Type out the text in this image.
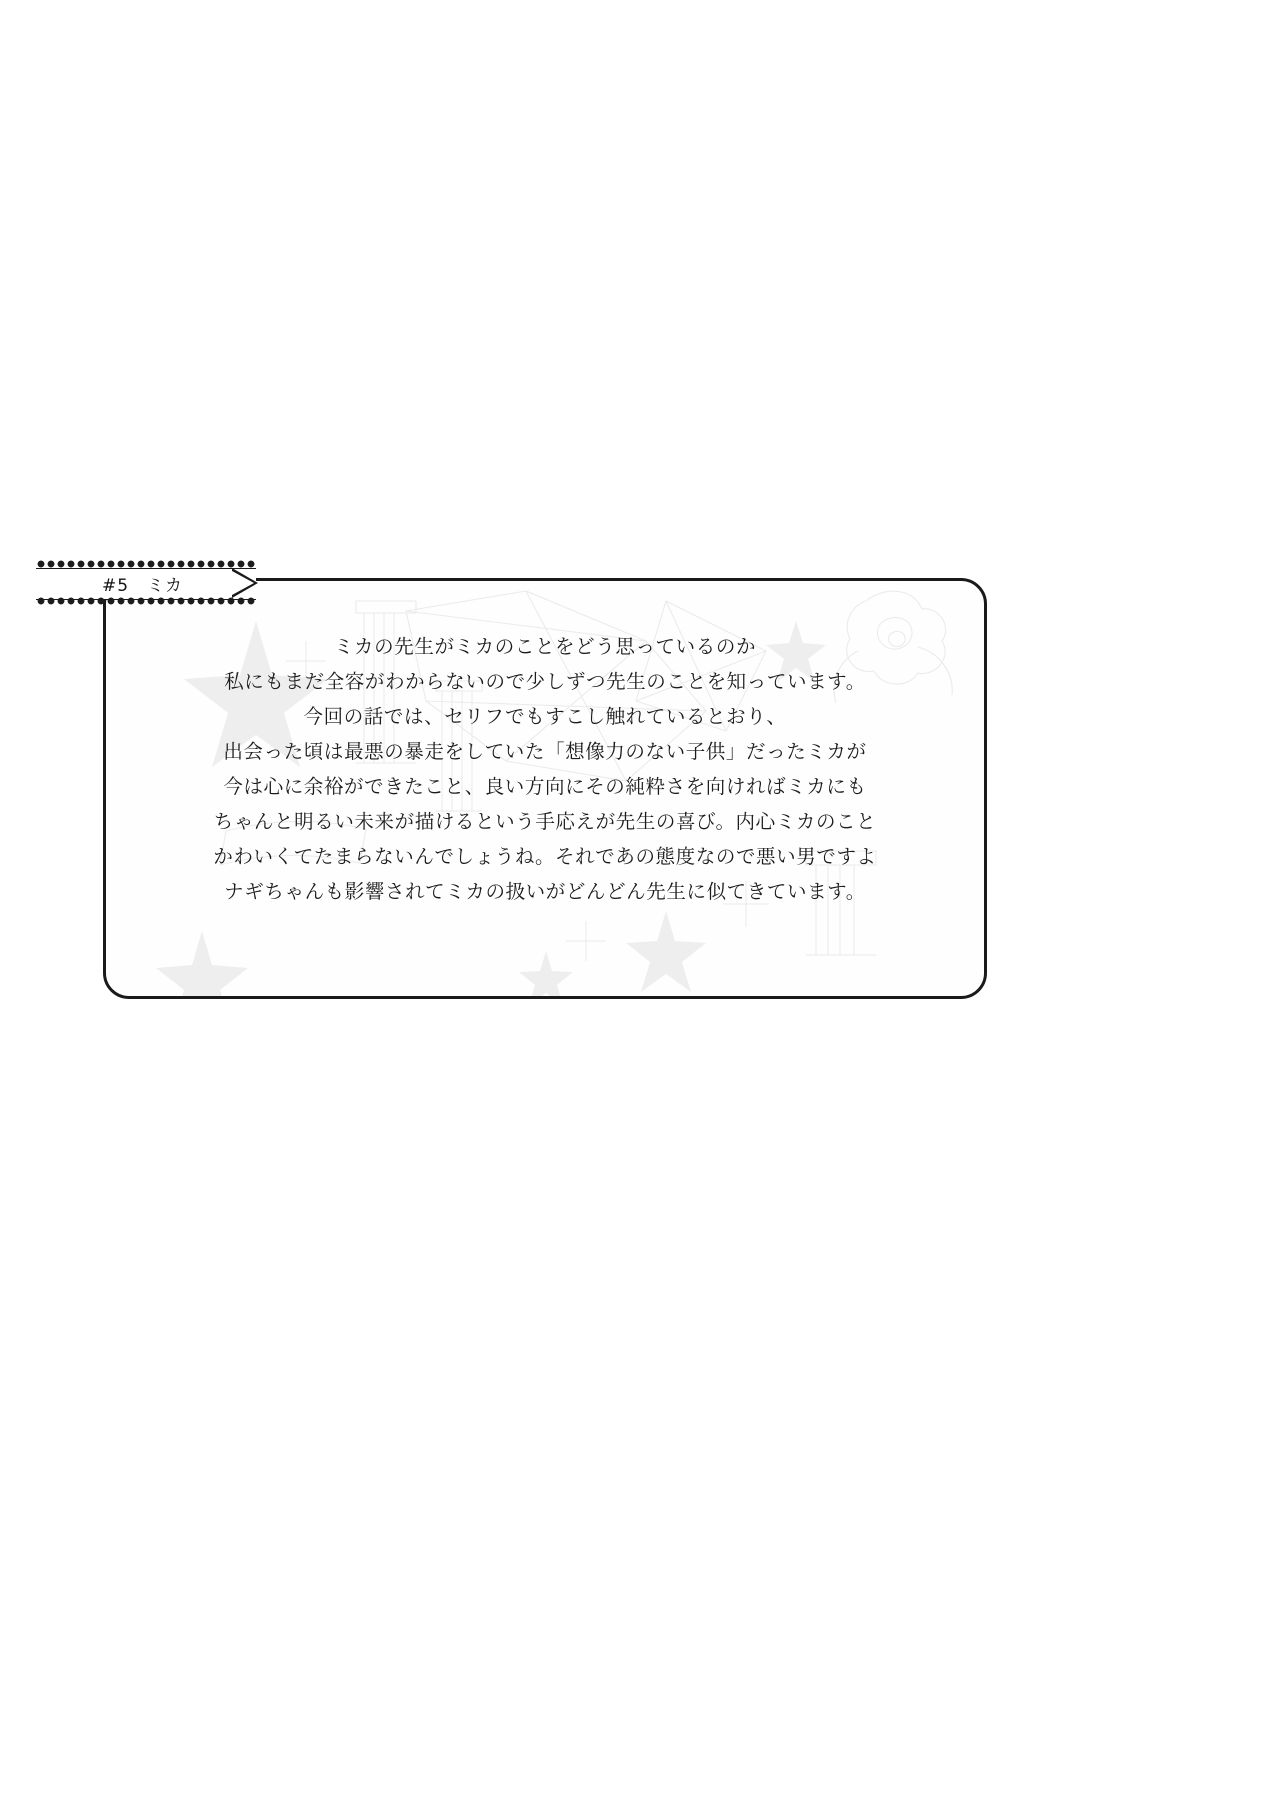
ミカの先生がミカのことをどう思っているのか
私にもまだ全容がわからないので少しずつ先生のことを知っています。
今回の話では、セリフでもすこし触れているとおり、
出会った頃は最悪の暴走をしていた「想像力のない子供」だったミカが
今は心に余裕ができたこと、良い方向にその純粋さを向ければミカにも
ちゃんと明るい未来が描けるという手応えが先生の喜び。内心ミカのこと
かわいくてたまらないんでしょうね。それであの態度なので悪い男ですよ
ナギちゃんも影響されてミカの扱いがどんどん先生に似てきています。
#5　ミカ
